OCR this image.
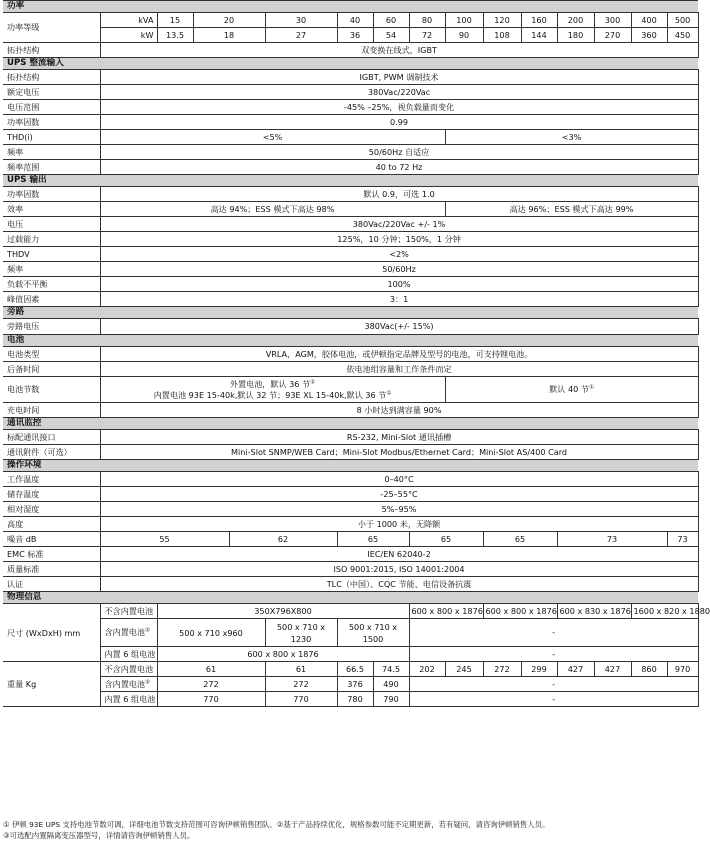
功率																
功率等级	kVA	15	20		30	40	60	80	100	120	160	200	300	400	500	
	kW	13.5	18		27	36	54	72	90	108	144	180	270	360	450	
拓扑结构	双变换在线式，IGBT															
UPS 整流输入																
拓扑结构	IGBT, PWM 调制技术															
额定电压	380Vac/220Vac															
电压范围	-45% –25%，视负载量而变化															
功率因数	0.99															
THD(i)	<5%								<3%							
频率	50/60Hz 自适应															
频率范围	40 to 72 Hz															
UPS 输出																
功率因数	默认 0.9，可选 1.0															
效率	高达 94%；ESS 模式下高达 98%								高达 96%；ESS 模式下高达 99%							
电压	380Vac/220Vac +/- 1%															
过载能力	125%，10 分钟；150%，1 分钟															
THDV	<2%															
频率	50/60Hz															
负载不平衡	100%															
峰值因素	3：1															
旁路																
旁路电压	380Vac(+/- 15%)															
电池																
电池类型	VRLA，AGM，胶体电池，或伊顿指定品牌及型号的电池，可支持锂电池。															
后备时间	依电池组容量和工作条件而定															
电池节数	外置电池，默认 36 节①
内置电池 93E 15-40k,默认 32 节；93E XL 15-40k,默认 36 节①								默认 40 节①
充电时间	8 小时达到满容量 90%															
通讯监控																
标配通讯接口	RS-232, Mini-Slot 通讯插槽															
通讯附件（可选）	Mini-Slot SNMP/WEB Card；Mini-Slot Modbus/Ethernet Card；Mini-Slot AS/400 Card															
操作环境																
工作温度	0–40°C															
储存温度	-25–55°C															
相对湿度	5%–95%															
高度	小于 1000 米，无降额															
噪音 dB	55			62		65		65		65		73			73	
EMC 标准	IEC/EN 62040-2															
质量标准	ISO 9001:2015, ISO 14001:2004															
认证	TLC（中国）、CQC 节能、电信设备抗震															
物理信息																
尺寸 (WxDxH) mm	不含内置电池	350X796X800						600 x 800 x 1876		600 x 800 x 1876		600 x 830 x 1876		1600 x 820 x 1880		
	含内置电池②	500 x 710 x960			500 x 710 x 1230	500 x 710 x 1500		-								
	内置 6 组电池	600 x 800 x 1876						-								
重量 Kg	不含内置电池	61			61	66.5	74.5	202	245	272	299	427	427	860	970	
	含内置电池②	272			272	376	490	-								
	内置 6 组电池	770			770	780	790	-								
① 伊顿 93E UPS 支持电池节数可调，详细电池节数支持范围可咨询伊顿销售团队。②基于产品持续优化，规格参数可能不定期更新，若有疑问，请咨询伊顿销售人员。
③可选配内置隔离变压器型号，详情请咨询伊顿销售人员。
